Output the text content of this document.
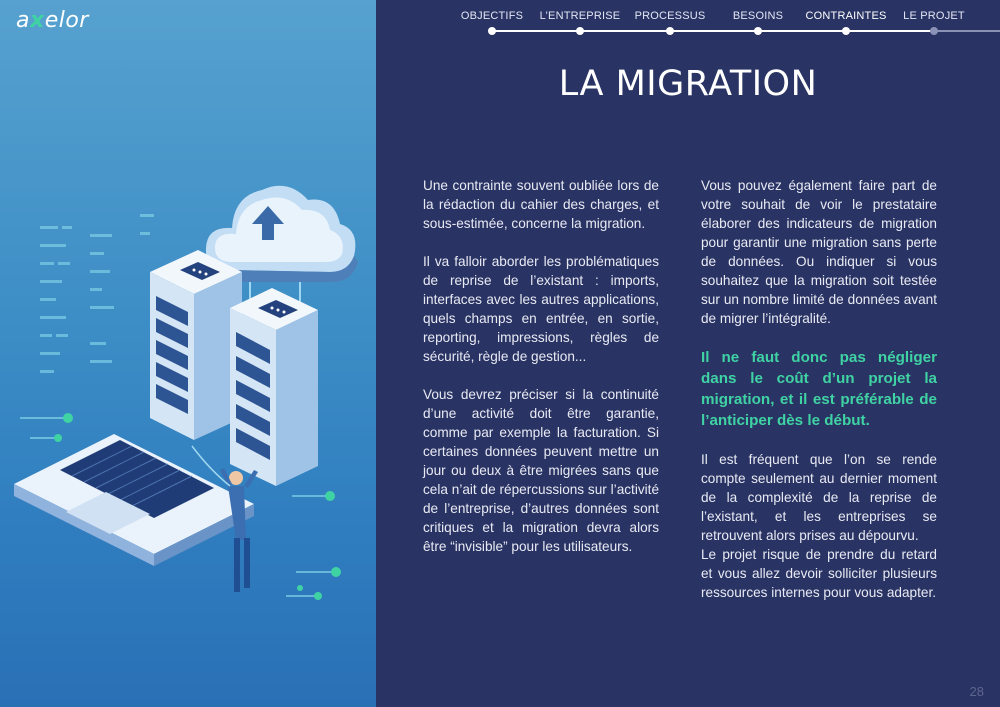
axelor	OBJECTIFS L’ENTREPRISE PROCESSUS BESOINS CONTRAINTES LE PROJET
LA MIGRATION

Une contrainte souvent oubliée lors de la rédaction du cahier des charges, et sous-estimée, concerne la migration.

Il va falloir aborder les problématiques de reprise de l’existant : imports, interfaces avec les autres applications, quels champs en entrée, en sortie, reporting, impressions, règles de sécurité, règle de gestion...

Vous devrez préciser si la continuité d’une activité doit être garantie, comme par exemple la facturation. Si certaines données peuvent mettre un jour ou deux à être migrées sans que cela n’ait de répercussions sur l’activité de l’entreprise, d’autres données sont critiques et la migration devra alors être “invisible” pour les utilisateurs.

Vous pouvez également faire part de votre souhait de voir le prestataire élaborer des indicateurs de migration pour garantir une migration sans perte de données. Ou indiquer si vous souhaitez que la migration soit testée sur un nombre limité de données avant de migrer l’intégralité.

Il ne faut donc pas négliger dans le coût d’un projet la migration, et il est préférable de l’anticiper dès le début.

Il est fréquent que l’on se rende compte seulement au dernier moment de la complexité de la reprise de l’existant, et les entreprises se retrouvent alors prises au dépourvu.

Le projet risque de prendre du retard et vous allez devoir solliciter plusieurs ressources internes pour vous adapter.

28
